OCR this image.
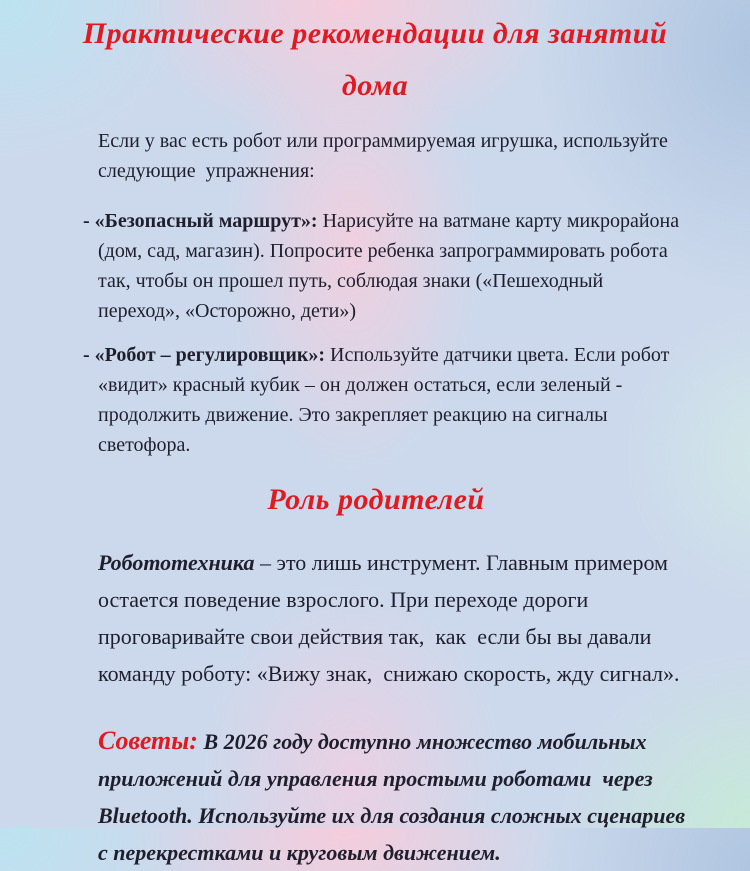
Практические рекомендации для занятий
дома

Если у вас есть робот или программируемая игрушка, используйте следующие  упражнения:

- «Безопасный маршрут»: Нарисуйте на ватмане карту микрорайона (дом, сад, магазин). Попросите ребенка запрограммировать робота так, чтобы он прошел путь, соблюдая знаки («Пешеходный переход», «Осторожно, дети»)

- «Робот – регулировщик»: Используйте датчики цвета. Если робот «видит» красный кубик – он должен остаться, если зеленый -  продолжить движение. Это закрепляет реакцию на сигналы светофора.

Роль родителей

Робототехника – это лишь инструмент. Главным примером остается поведение взрослого. При переходе дороги проговаривайте свои действия так,  как  если бы вы давали команду роботу: «Вижу знак,  снижаю скорость, жду сигнал».

Советы: В 2026 году доступно множество мобильных приложений для управления простыми роботами  через Bluetooth. Используйте их для создания сложных сценариев с перекрестками и круговым движением.
